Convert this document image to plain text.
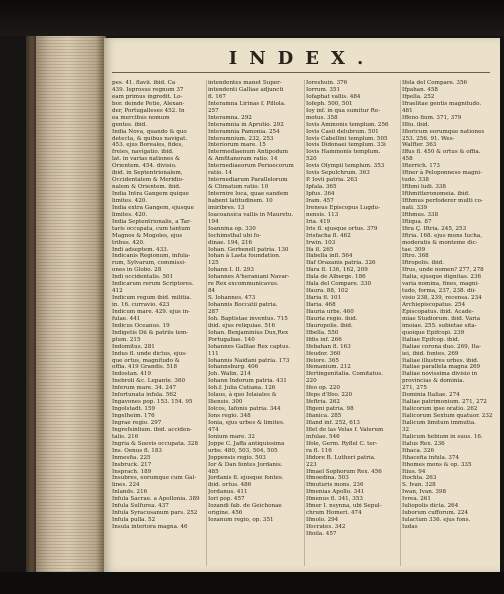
INDEX.
pes. 41. flavii. ibid. Ca
439. Ieprosus regnum 37
eam primus ingredit. Lo-
bor. deinde Petie, Alexan-
der, Portugalleses 452. In
ea mercibus nomum
gentes. ibid.
India Nova, quando & quo
detecta, & quibus navigat.
453. ejus Boreales, fides,
freies, navigatio. ibid.
lat. in varias nationes &
Orientem. 454. divisio.
ibid. in Septentrionalem,
Occidentalem & Meridio-
nalem & Orientem. ibid.
India Intra Gangem quique
limites. 420.
India extra Gangem, ejusque
limites. 420.
India Septentrionalis, a Tar-
taris occupata, cum tantum
Magnos & Mogoles, ejus
tribus. 420.
Indi adseptem. 433.
Indicanis Regionum, infula-
rum, Sylvarum, commissi-
ones in Globo. 28
Indi occidentalis. 501
Indicarum rerum Scriptores.
412
Indicum regum ibid. militia.
in. 16. curravio. 423
Indicum mare. 429. ejus in-
fulae. 441
Indicus Oceanus. 19
Indigetis Dii & patriis tem-
plum. 215
Indomitus. 281
Indus fl. unde dictus, ejus-
que ortus, magnitudo &
offia. 419 Grandis. 518
Indostan. 419
Inebroli &c. Lepante. 360
Inferum mare. 34. 247
Infortunata infula. 562
Ingavones pop. 153. 154. 95
Ingolstadt. 159
Ingelheim. 176
Ingrae regio. 297
Ingrefsinlium. ibid. acciden-
talis. 216
Ingria & Suevis occupata. 328
Ins. Oenus fl. 183
Inmesfia. 225
Insbruck. 217
Insprach. 189
Insubres, eorumque cum Gal-
lines. 224
Inlands. 216
Infula Sacrae. a Apollonia. 389
Infula Sulfurea. 437
Infula Syracusanum pars. 252
Infula pulla. 52
Insula interiora magna. 46
intendentes manet Super-
intendenti Galliae adjuncti
fl. 167
Interamna Lirinas f. Pillola.
257
Interamna. 292
Interamnia in Aprutio. 292
Interamnia Pamonia. 254
Interamnium. 232, 253
Interiorum mare. 15
Intermediaenum Antipodum
& Amfitanoram ratio. 14
Internediaeorum Perioecorum
ratio. 14
Internediarum Parallelorum
& Climatum ratio. 10
Internire loca, quae eandem
habent latitudinem. 10
imiribres. 13
Ioacoansica vallis in Mauretu.
194
Ioannina op. 330
Iochimsthal ubi fo-
dinae. 194, 216
Iohan. Gerbenell patria. 130
Iohan à Lasta foundation.
125
Iohann I. II. 293
Iohannes A'heraniani Navar-
re Rex excommunicavus.
84
S. Iohannes. 473
Iohannis Boccatii patria.
287
Ioh. Baptistae inventus. 715
ibid. ejus reliquiae. 516
Iohan. Benjaminius Dux,Rex
Portugaliae. 140
Iohannes Galliae Rex captus.
111
Iohannis Naidani patria. 173
Iohannsburg. 406
Joh. Walin. 214
Iohann Indorum patria. 431
Ioh.f. Julia Cutiana. 126
Iolaus, à quo Iolaiales &
Iliensis. 300
Iolcos, Iafonis patria. 344
Ions regio. 348
Ionia, ejus urbes & limites.
474
Ionium mare. 32
Joppe C. Jaffa antiquissima
urbs. 480, 503, 504, 505
Joppensis regio. 503
Ior & Dan fontes Jordanis.
485
Jordanis fl. ejusque fontes.
ibid. ortus. 486
Jordanus. 411
Iori pop. 457
Iozandi fab. de Geichonae
origine. 456
Iozanum regio, op. 351
Ioreshuin. 376
Iorrum. 351
Iofaphat vallis. 484
Iofeph. 500, 501
Ioy inf. in qua sumitur Re-
motus. 358
Iovis Ammonis templum. 256
Iovis Casii delubrum. 501
Iovis Cabellini templum. 505
Iovis Didonaei templum. 33i
Iovis Hammonis templum.
520
Iovis Olympii templum. 353
Iovis Sepulchrum. 363
P. Iovii patria. 263
Ipfala. 365
Ipfus. 364
Iram. 457
Ireneus Episcopus Lugdu-
nensis. 113
Iria. 419
Iris fl. ejusque ortus. 379
Irisfacha fl. 462
Irwin. 103
Ifa fl. 265
Ifabella infl. 564
Ifaf Orazanis patria. 326
Ifara fl. 136, 162, 209
Ifala de Alberge. 186
Ifala del Compare. 330
Ifaura. 88, 102
Ifaria fl. 101
Ifaria. 468
Ifauria urbs. 460
Ifauria regio. ibid.
Ifauropolis. ibid.
Ifbella. 550
Ifdis inf. 266
Ifebahan fl. 163
Ifeudor. 360
Ifelore. 365
Ifemanium. 212
Ifertingenitalia. Comitatus.
220
Ifeo op. 220
Ifeps d'Ifeo. 220
Ifeftria. 262
Ifigeni patria. 98
Ifianica. 285
Ifland inf. 252, 613
Iflet de las Velas f. Valerum
infulae. 546
Ifole, Germ. Ryflel C. ter-
ra fl. 116
Ifidore B. Lutheri patria.
223
Ifmael Sophorum Rex. 456
Ifmoedina. 503
Ifmuturis mons. 236
Ifmenias Apollo. 341
Ifmenus fl. 341, 353
Ifmer I. nsynna, ubi Sepul-
chrum Homeri. 474
Ifmolo. 294
Ifocrates. 342
Ifioila. 457
Ifola del Compare. 356
Ifpahan. 458
Ifpella. 252
Ifraelitae gentis magnitudo.
481
Iffeno fium. 371, 379
Ifliu. ibid.
Ifloricum eorumque nationes
253. 256. 91. Wes-
Walfter. 363
Iffus fl. 450 & ortus & offia.
458
Ifterrich. 173
Iftner à Peloponneso magni-
tudo. 338
Ifthmi ludi. 338
Ifthmitteronomeia. ibid.
Ifthmus perfoderer multi co-
nati. 339
Ifthmus. 338
Iftiqua. 87
Ifira Ç. Iftria. 245, 253
Iftria. 168. ejus mons Iucha,
moderatis & monteme dic-
tae. 309
Iftro. 368
Iftropolis. ibid.
Ifrus, unde nomen? 277, 278
Italia, ejusque dignitas. 236
varia nomina, fines, magni-
tudo, forma, 237, 238. dii-
visio 238, 239, recensa. 234
Archiepiscopatus. 254
Episcopatus. ibid. Acade-
miae Studiorum. ibid. Varia
imoiae. 255. subietae sita-
quoique Epifcopi. 239
Italiae Epifcop. ibid.
Italiae corona duo. 269, Ita-
iei, ibid. fontes. 269
Italiae illustres urbes. ibid.
Italiae parallela magna 269
Italiae novissima divisio in
provincias & dominia.
271, 275
Dominia Italiae. 274
Italiae patrimonium. 271, 272
Italicorum ipse oratio. 262
Italicorum Sextum quatuor. 232
Italicum limitum immutia.
32
Italicum hebium in suus. 16.
Italus Rex. 236
Ithaca. 326
Ithacefia infula. 374
Ithomes mons & op. 335
Itius. 94
Itochta. 263
S. Ivan. 328
Iwan, Ivan. 398
Ivrea. 261
Iuliopolis dicta. 264
Iuborum cufforum. 224
Iulactum 336. ejus fons.
Iudas
